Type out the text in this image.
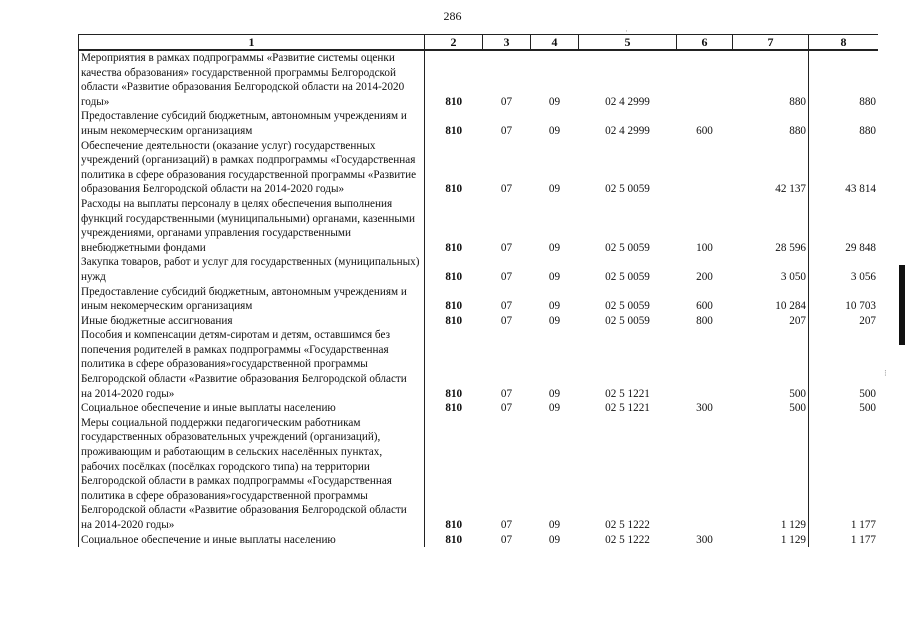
286
1	2	3	4	5	6	7	8
Мероприятия в рамках подпрограммы «Развитие системы оценки качества образования» государственной программы Белгородской области «Развитие образования Белгородской области на 2014-2020 годы»	810	07	09	02 4 2999		880	880
Предоставление субсидий бюджетным, автономным учреждениям и иным некомерческим организациям	810	07	09	02 4 2999	600	880	880
Обеспечение деятельности (оказание услуг) государственных учреждений (организаций) в рамках подпрограммы «Государственная политика в сфере образования государственной программы «Развитие образования Белгородской области на 2014-2020 годы»	810	07	09	02 5 0059		42 137	43 814
Расходы на выплаты персоналу в целях обеспечения выполнения функций государственными (муниципальными) органами, казенными учреждениями, органами управления государственными внебюджетными фондами	810	07	09	02 5 0059	100	28 596	29 848
Закупка товаров, работ и услуг для государственных (муниципальных) нужд	810	07	09	02 5 0059	200	3 050	3 056
Предоставление субсидий бюджетным, автономным учреждениям и иным некомерческим организациям	810	07	09	02 5 0059	600	10 284	10 703
Иные бюджетные ассигнования	810	07	09	02 5 0059	800	207	207
Пособия и компенсации детям-сиротам и детям, оставшимся без попечения родителей в рамках подпрограммы «Государственная политика в сфере образования»государственной программы Белгородской области «Развитие образования Белгородской области на 2014-2020 годы»	810	07	09	02 5 1221		500	500
Социальное обеспечение и иные выплаты населению	810	07	09	02 5 1221	300	500	500
Меры социальной поддержки педагогическим работникам государственных образовательных учреждений (организаций), проживающим и работающим в сельских населённых пунктах, рабочих посёлках (посёлках городского типа) на территории Белгородской области в рамках подпрограммы «Государственная политика в сфере образования»государственной программы Белгородской области «Развитие образования Белгородской области на 2014-2020 годы»	810	07	09	02 5 1222		1 129	1 177
Социальное обеспечение и иные выплаты населению	810	07	09	02 5 1222	300	1 129	1 177
·
⁝
